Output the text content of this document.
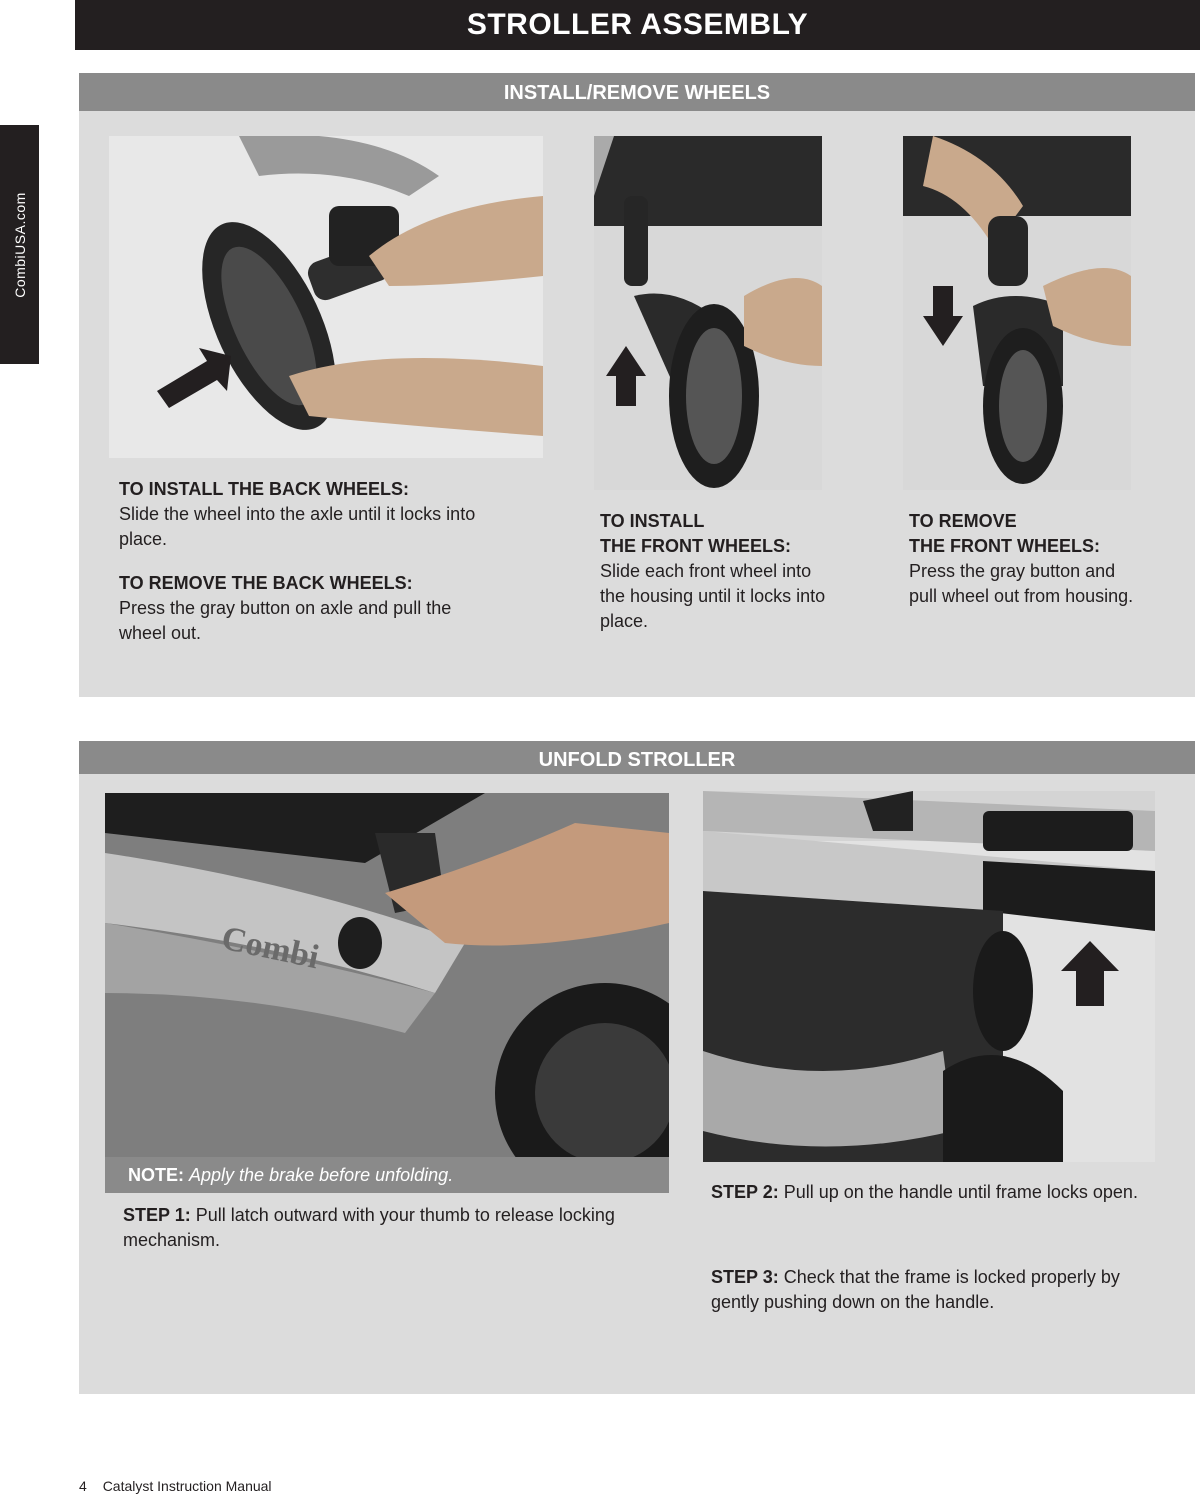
CombiUSA.com
STROLLER ASSEMBLY
INSTALL/REMOVE WHEELS
TO INSTALL THE BACK WHEELS:

Slide the wheel into the axle until it locks into place.

TO REMOVE THE BACK WHEELS:

Press the gray button on axle and pull the wheel out.

TO INSTALL
THE FRONT WHEELS:

Slide each front wheel into the housing until it locks into place.

TO REMOVE
THE FRONT WHEELS:

Press the gray button and pull wheel out from housing.

UNFOLD STROLLER
Combi
NOTE: Apply the brake before unfolding.
STEP 1: Pull latch outward with your thumb to release locking mechanism.
STEP 2: Pull up on the handle until frame locks open.
STEP 3: Check that the frame is locked properly by gently pushing down on the handle.
4 Catalyst Instruction Manual
